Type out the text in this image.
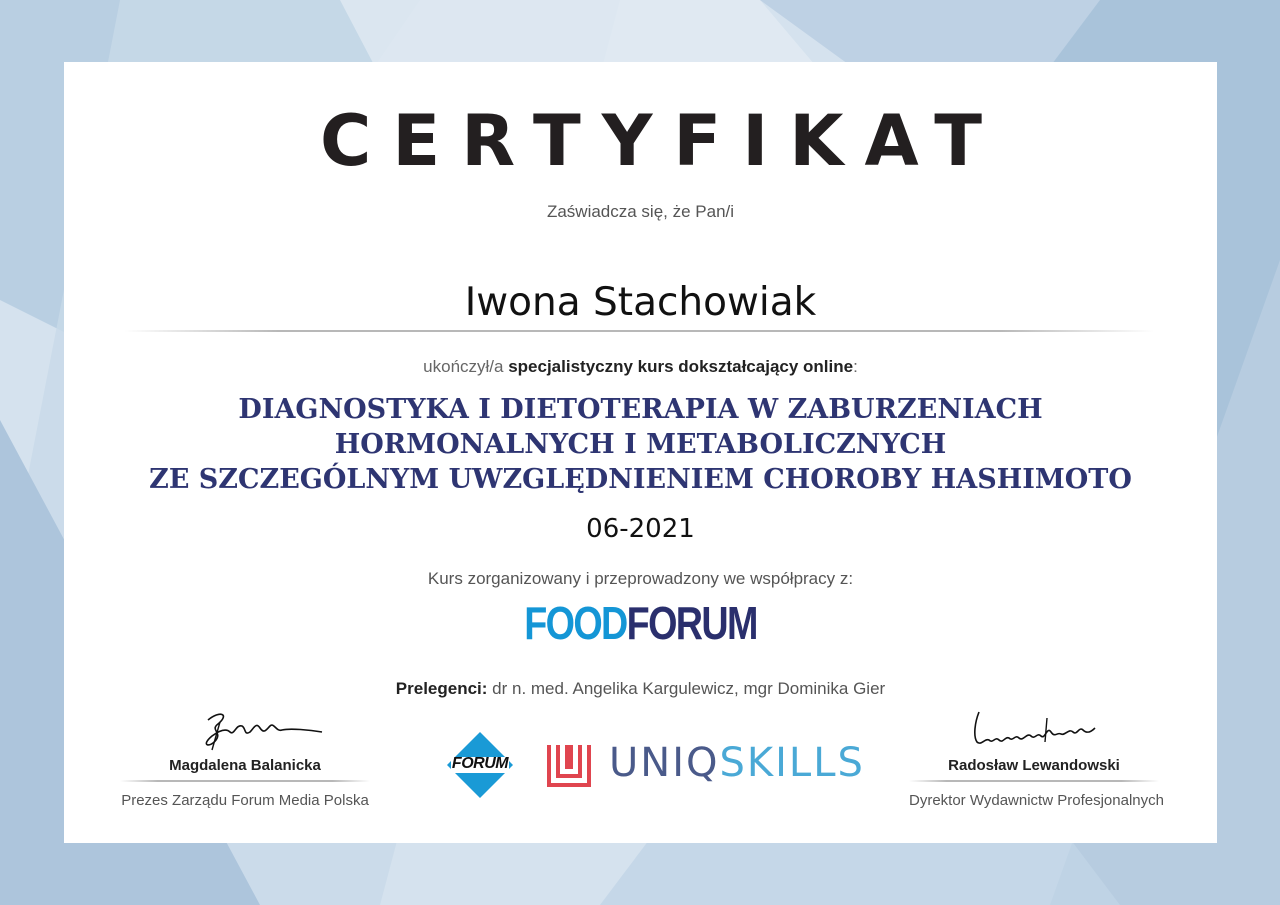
CERTYFIKAT
Zaświadcza się, że Pan/i
Iwona Stachowiak
ukończył/a specjalistyczny kurs dokształcający online:
DIAGNOSTYKA I DIETOTERAPIA W ZABURZENIACH
HORMONALNYCH I METABOLICZNYCH
ZE SZCZEGÓLNYM UWZGLĘDNIENIEM CHOROBY HASHIMOTO
06-2021
Kurs zorganizowany i przeprowadzony we współpracy z:
FOODFORUM
Prelegenci: dr n. med. Angelika Kargulewicz, mgr Dominika Gier
Magdalena Balanicka
Prezes Zarządu Forum Media Polska
FORUM	UNIQSKILLS	Radosław Lewandowski
Dyrektor Wydawnictw Profesjonalnych
